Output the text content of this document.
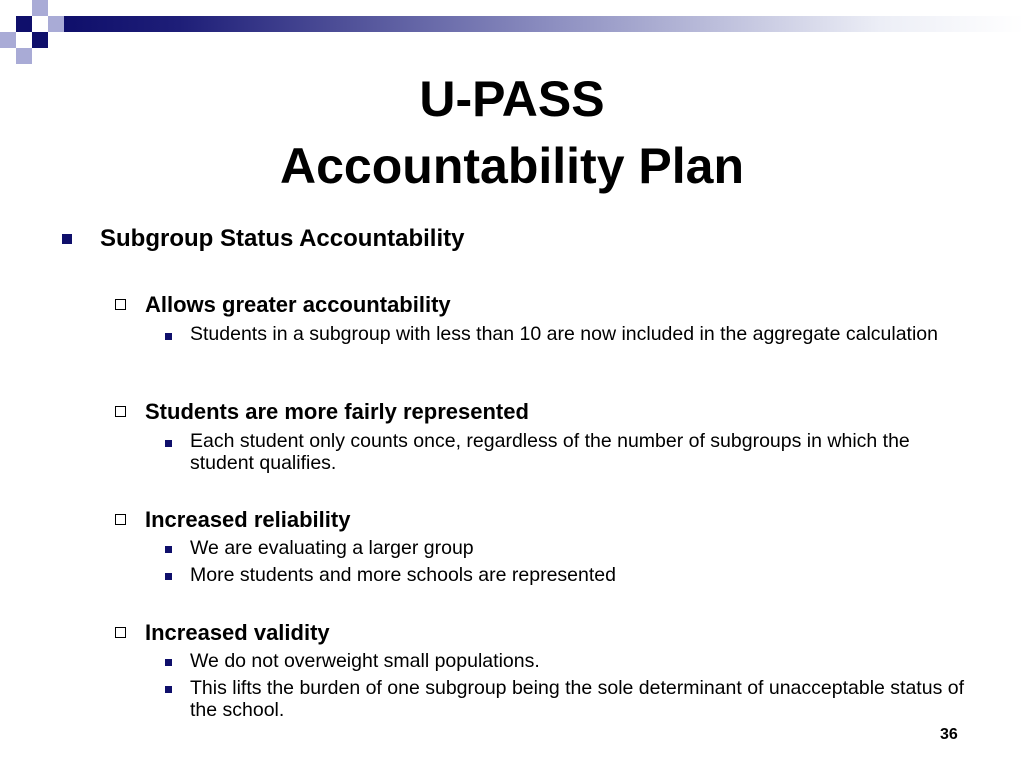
U-PASS
Accountability Plan
Subgroup Status Accountability
Allows greater accountability
Students in a subgroup with less than 10 are now included in the aggregate calculation
Students are more fairly represented
Each student only counts once, regardless of the number of subgroups in which the student qualifies.
Increased reliability
We are evaluating a larger group
More students and more schools are represented
Increased validity
We do not overweight small populations.
This lifts the burden of one subgroup being the sole determinant of unacceptable status of the school.
36
